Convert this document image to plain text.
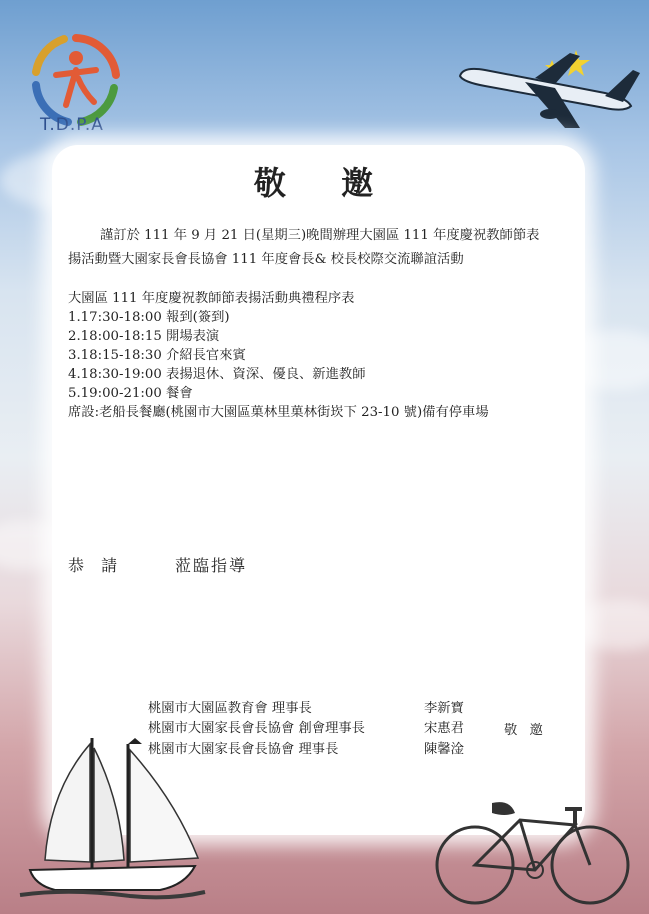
T.D.P.A
敬 邀
謹訂於 111 年 9 月 21 日(星期三)晚間辦理大園區 111 年度慶祝教師節表
揚活動暨大園家長會長協會 111 年度會長& 校長校際交流聯誼活動
大園區 111 年度慶祝教師節表揚活動典禮程序表
1.17:30-18:00 報到(簽到)
2.18:00-18:15 開場表演
3.18:15-18:30 介紹長官來賓
4.18:30-19:00 表揚退休、資深、優良、新進教師
5.19:00-21:00 餐會
席設:老船長餐廳(桃園市大園區菓林里菓林街崁下 23-10 號)備有停車場
恭 請	蒞臨指導
桃園市大園區教育會 理事長	李新寶
桃園市大園家長會長協會 創會理事長	宋惠君	敬 邀
桃園市大園家長會長協會 理事長	陳馨淦
